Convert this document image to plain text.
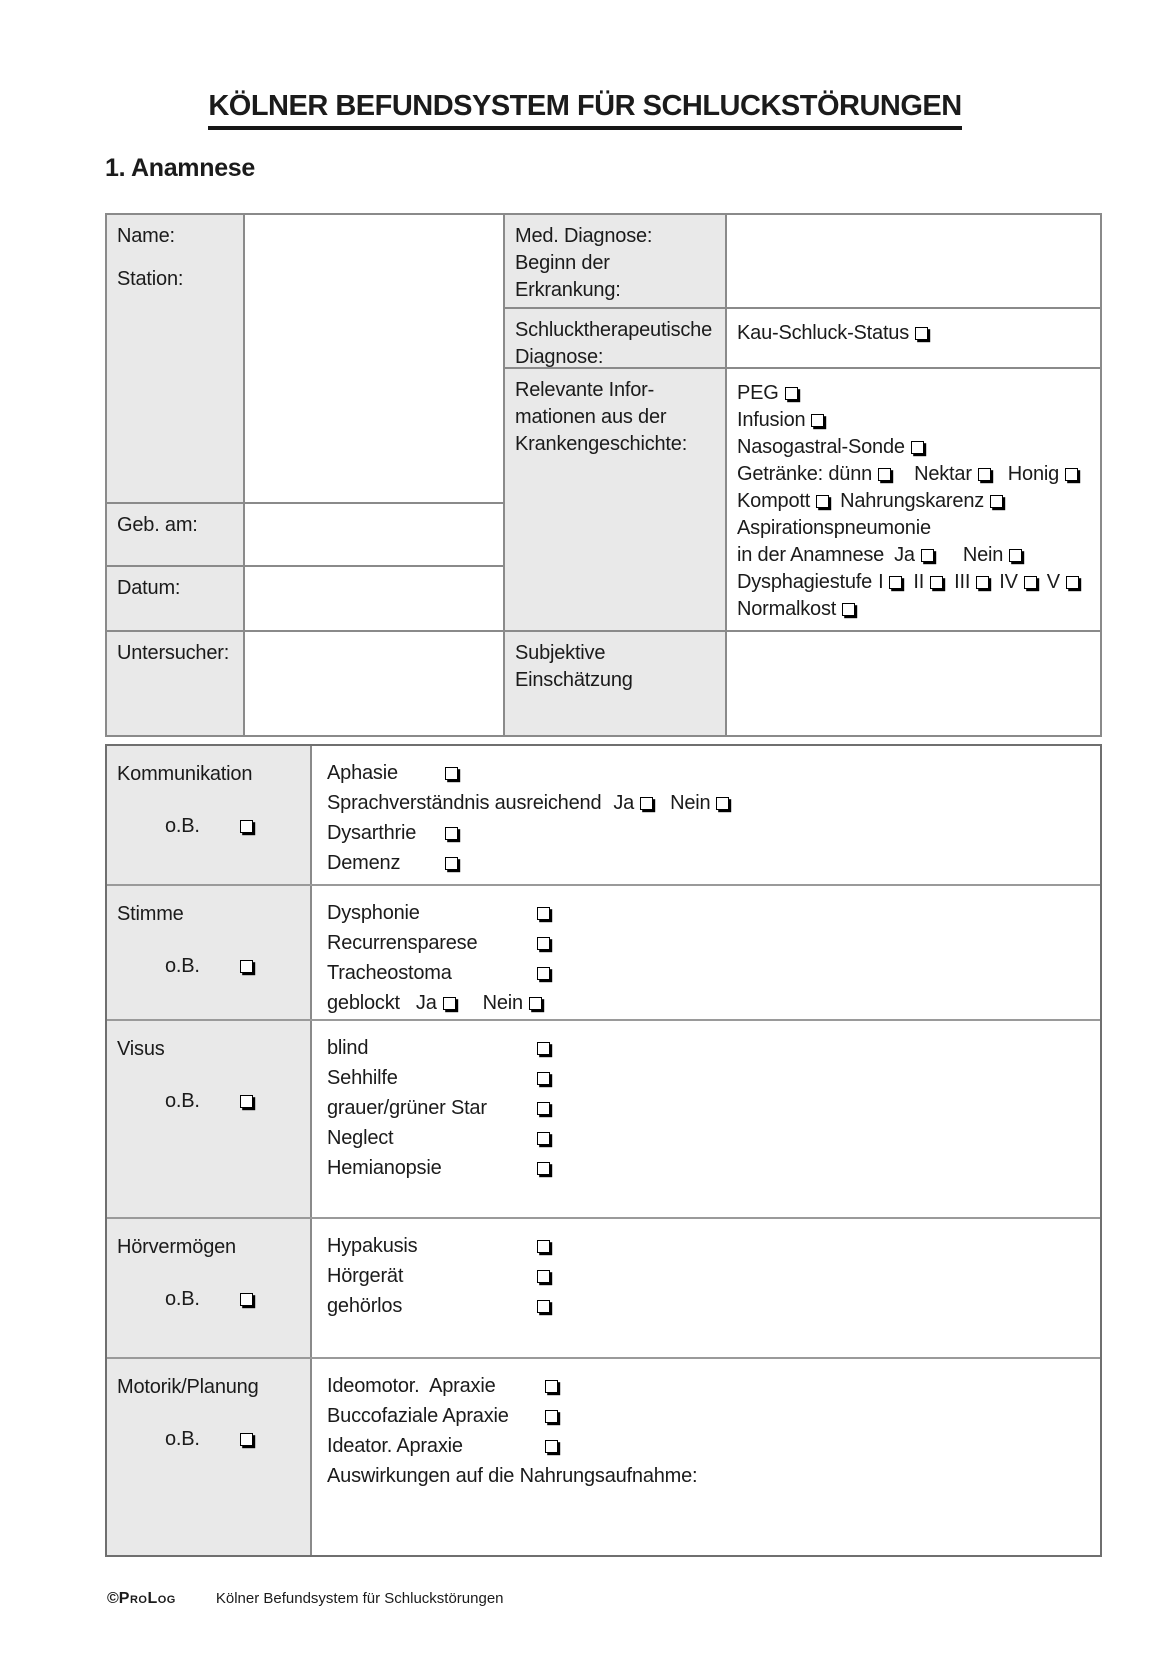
KÖLNER BEFUNDSYSTEM FÜR SCHLUCKSTÖRUNGEN
1. Anamnese
Name:
Station:
Geb. am:
Datum:
Untersucher:
Med. Diagnose:
Beginn der Erkrankung:
Schlucktherapeutische
Diagnose:
Kau-Schluck-Status
Relevante Infor-
mationen aus der
Krankengeschichte:
PEG
Infusion
Nasogastral-Sonde
Getränke: dünn Nektar Honig
Kompott Nahrungskarenz
Aspirationspneumonie
in der Anamnese Ja Nein
Dysphagiestufe I II III IV V
Normalkost
Subjektive
Einschätzung
Kommunikation
o.B.
Aphasie
Sprachverständnis ausreichend Ja Nein
Dysarthrie
Demenz
Stimme
o.B.
Dysphonie
Recurrensparese
Tracheostoma
geblockt Ja Nein
Visus
o.B.
blind
Sehhilfe
grauer/grüner Star
Neglect
Hemianopsie
Hörvermögen
o.B.
Hypakusis
Hörgerät
gehörlos
Motorik/Planung
o.B.
Ideomotor.  Apraxie
Buccofaziale Apraxie
Ideator. Apraxie
Auswirkungen auf die Nahrungsaufnahme:
©ProLog	Kölner Befundsystem für Schluckstörungen
